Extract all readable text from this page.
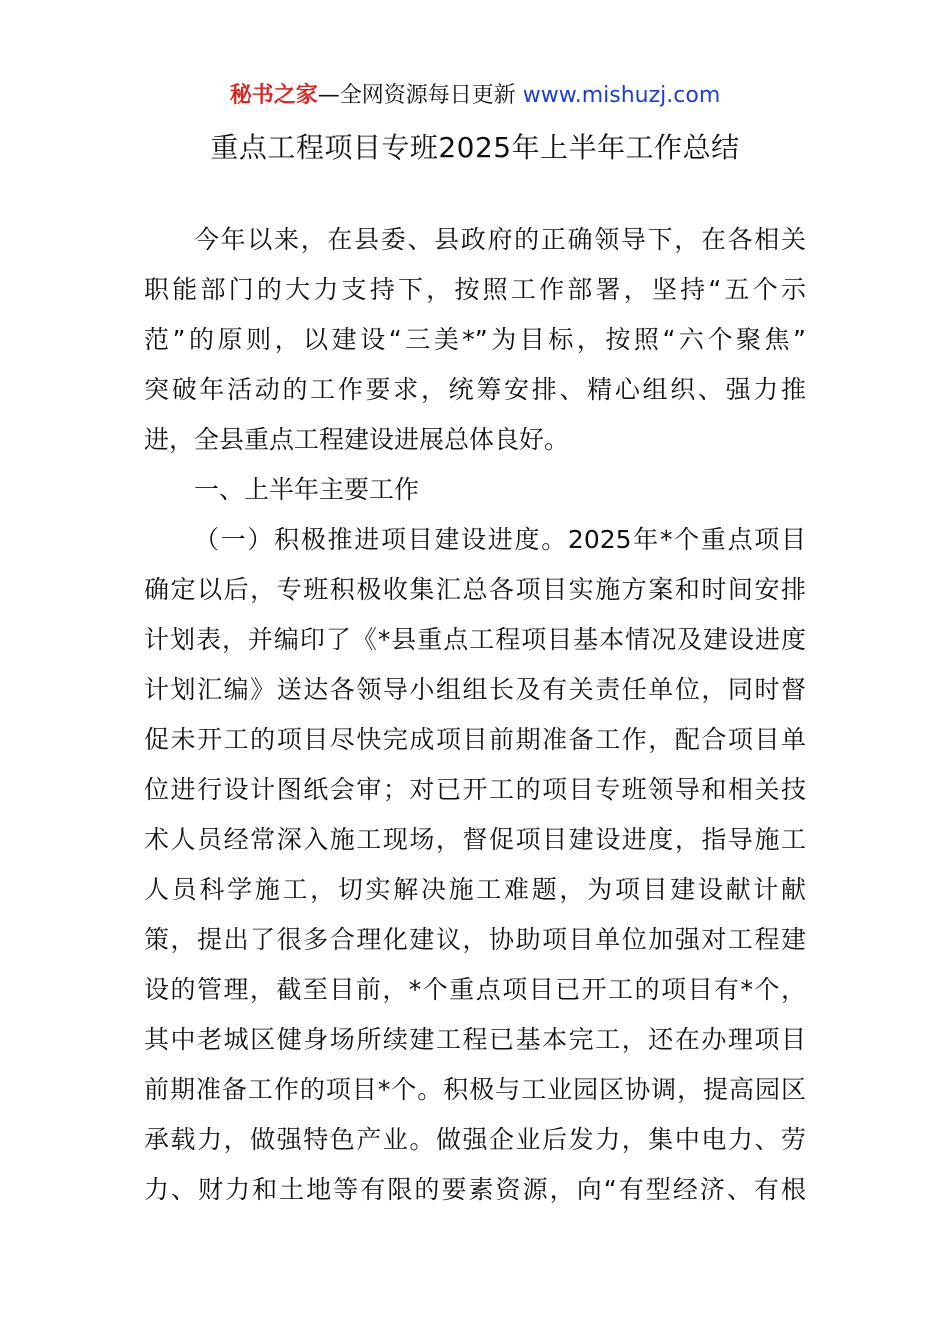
秘书之家—全网资源每日更新 www.mishuzj.com
重点工程项目专班2025年上半年工作总结
今年以来，在县委、县政府的正确领导下，在各相关
职能部门的大力支持下，按照工作部署，坚持“五个示
范”的原则，以建设“三美*”为目标，按照“六个聚焦”
突破年活动的工作要求，统筹安排、精心组织、强力推
进，全县重点工程建设进展总体良好。
一、上半年主要工作
（一）积极推进项目建设进度。2025年*个重点项目
确定以后，专班积极收集汇总各项目实施方案和时间安排
计划表，并编印了《*县重点工程项目基本情况及建设进度
计划汇编》送达各领导小组组长及有关责任单位，同时督
促未开工的项目尽快完成项目前期准备工作，配合项目单
位进行设计图纸会审；对已开工的项目专班领导和相关技
术人员经常深入施工现场，督促项目建设进度，指导施工
人员科学施工，切实解决施工难题，为项目建设献计献
策，提出了很多合理化建议，协助项目单位加强对工程建
设的管理，截至目前，*个重点项目已开工的项目有*个，
其中老城区健身场所续建工程已基本完工，还在办理项目
前期准备工作的项目*个。积极与工业园区协调，提高园区
承载力，做强特色产业。做强企业后发力，集中电力、劳
力、财力和土地等有限的要素资源，向“有型经济、有根
